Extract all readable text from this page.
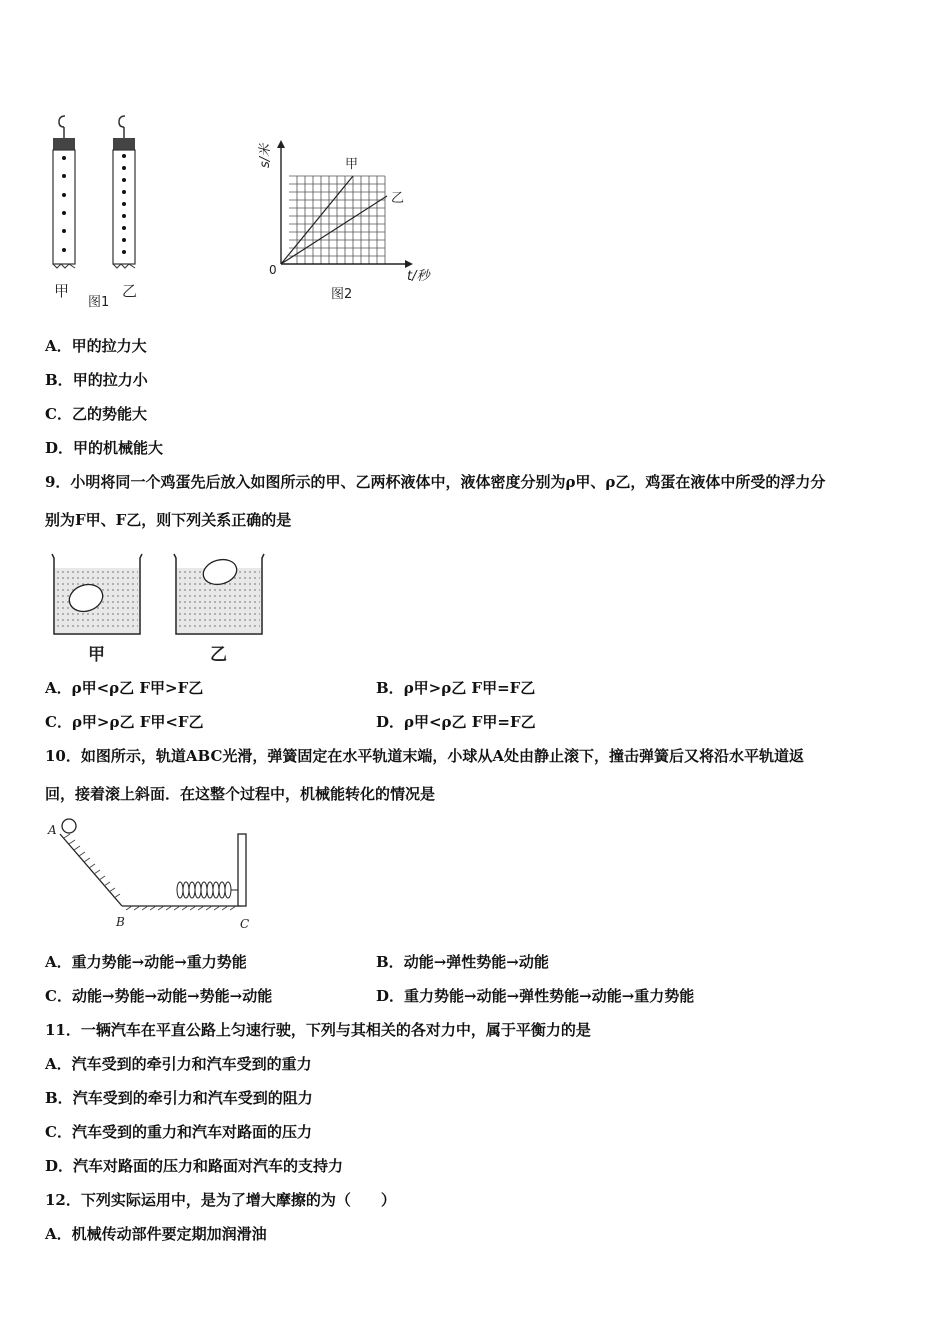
甲
图1
乙
s/米	甲
乙
0	t/秒
图2
A．甲的拉力大
B．甲的拉力小
C．乙的势能大
D．甲的机械能大
9．小明将同一个鸡蛋先后放入如图所示的甲、乙两杯液体中，液体密度分别为ρ甲、ρ乙，鸡蛋在液体中所受的浮力分
别为F甲、F乙，则下列关系正确的是
甲	乙
A．ρ甲<ρ乙 F甲>F乙	B．ρ甲>ρ乙 F甲=F乙
C．ρ甲>ρ乙 F甲<F乙	D．ρ甲<ρ乙 F甲=F乙
10．如图所示，轨道ABC光滑，弹簧固定在水平轨道末端，小球从A处由静止滚下，撞击弹簧后又将沿水平轨道返
回，接着滚上斜面．在这整个过程中，机械能转化的情况是
A
B	C
A．重力势能→动能→重力势能	B．动能→弹性势能→动能
C．动能→势能→动能→势能→动能	D．重力势能→动能→弹性势能→动能→重力势能
11．一辆汽车在平直公路上匀速行驶，下列与其相关的各对力中，属于平衡力的是
A．汽车受到的牵引力和汽车受到的重力
B．汽车受到的牵引力和汽车受到的阻力
C．汽车受到的重力和汽车对路面的压力
D．汽车对路面的压力和路面对汽车的支持力
12．下列实际运用中，是为了增大摩擦的为（　　）
A．机械传动部件要定期加润滑油
